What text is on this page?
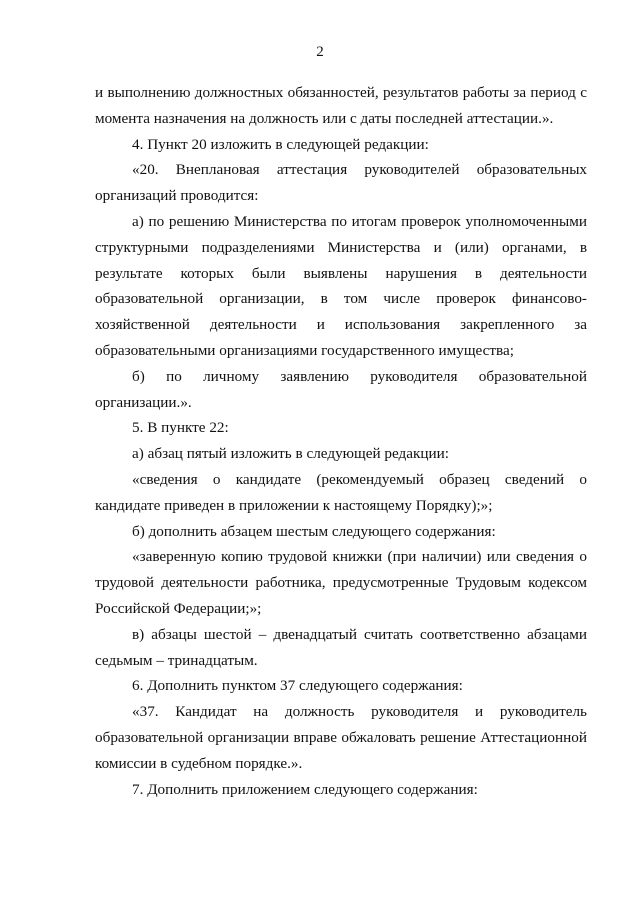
2

и выполнению должностных обязанностей, результатов работы за период с момента назначения на должность или с даты последней аттестации.».

4. Пункт 20 изложить в следующей редакции:

«20. Внеплановая аттестация руководителей образовательных организаций проводится:

а) по решению Министерства по итогам проверок уполномоченными структурными подразделениями Министерства и (или) органами, в результате которых были выявлены нарушения в деятельности образовательной организации, в том числе проверок финансово-хозяйственной деятельности и использования закрепленного за образовательными организациями государственного имущества;

б) по личному заявлению руководителя образовательной организации.».

5. В пункте 22:

а) абзац пятый изложить в следующей редакции:

«сведения о кандидате (рекомендуемый образец сведений о кандидате приведен в приложении к настоящему Порядку);»;

б) дополнить абзацем шестым следующего содержания:

«заверенную копию трудовой книжки (при наличии) или сведения о трудовой деятельности работника, предусмотренные Трудовым кодексом Российской Федерации;»;

в) абзацы шестой – двенадцатый считать соответственно абзацами седьмым – тринадцатым.

6. Дополнить пунктом 37 следующего содержания:

«37. Кандидат на должность руководителя и руководитель образовательной организации вправе обжаловать решение Аттестационной комиссии в судебном порядке.».

7. Дополнить приложением следующего содержания:
